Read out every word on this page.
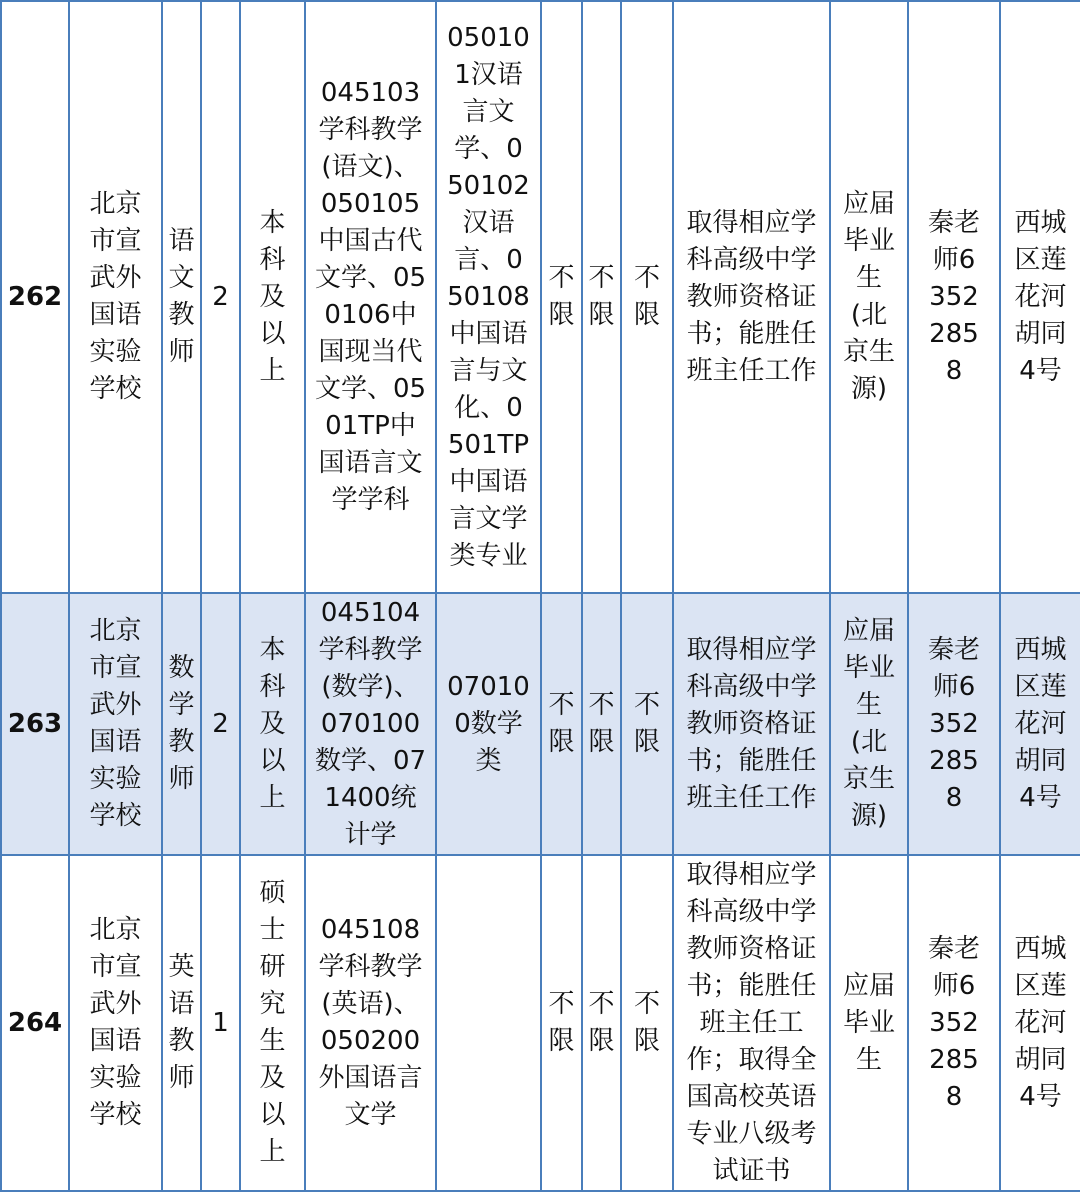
262	北京市宣武外国语实验学校	语文教师	2	本科及以上	045103学科教学(语文)、050105中国古代文学、050106中国现当代文学、0501TP中国语言文学学科	050101汉语言文学、050102汉语言、050108中国语言与文化、0501TP中国语言文学类专业	不限	不限	不限	取得相应学科高级中学教师资格证书；能胜任班主任工作	应届毕业生(北京生源)	秦老师63522858	西城区莲花河胡同4号

263	北京市宣武外国语实验学校	数学教师	2	本科及以上	045104学科教学(数学)、070100数学、071400统计学	070100数学类	不限	不限	不限	取得相应学科高级中学教师资格证书；能胜任班主任工作	应届毕业生(北京生源)	秦老师63522858	西城区莲花河胡同4号

264	北京市宣武外国语实验学校	英语教师	1	硕士研究生及以上	045108学科教学(英语)、050200外国语言文学		不限	不限	不限	取得相应学科高级中学教师资格证书；能胜任班主任工作；取得全国高校英语专业八级考试证书	应届毕业生	秦老师63522858	西城区莲花河胡同4号
